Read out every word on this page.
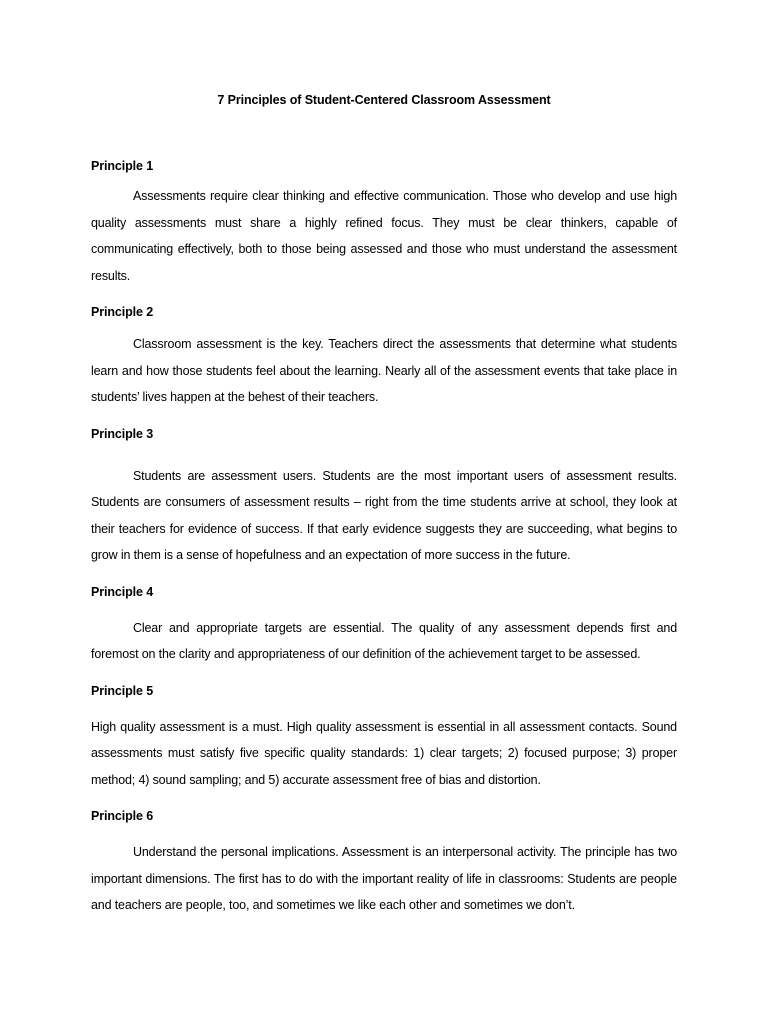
7 Principles of Student-Centered Classroom Assessment

Principle 1

Assessments require clear thinking and effective communication. Those who develop and use high quality assessments must share a highly refined focus. They must be clear thinkers, capable of communicating effectively, both to those being assessed and those who must understand the assessment results.

Principle 2

Classroom assessment is the key. Teachers direct the assessments that determine what students learn and how those students feel about the learning. Nearly all of the assessment events that take place in students’ lives happen at the behest of their teachers.

Principle 3

Students are assessment users. Students are the most important users of assessment results. Students are consumers of assessment results – right from the time students arrive at school, they look at their teachers for evidence of success. If that early evidence suggests they are succeeding, what begins to grow in them is a sense of hopefulness and an expectation of more success in the future.

Principle 4

Clear and appropriate targets are essential. The quality of any assessment depends first and foremost on the clarity and appropriateness of our definition of the achievement target to be assessed.

Principle 5

High quality assessment is a must. High quality assessment is essential in all assessment contacts. Sound assessments must satisfy five specific quality standards: 1) clear targets; 2) focused purpose; 3) proper method; 4) sound sampling; and 5) accurate assessment free of bias and distortion.

Principle 6

Understand the personal implications. Assessment is an interpersonal activity. The principle has two important dimensions. The first has to do with the important reality of life in classrooms: Students are people and teachers are people, too, and sometimes we like each other and sometimes we don’t.
